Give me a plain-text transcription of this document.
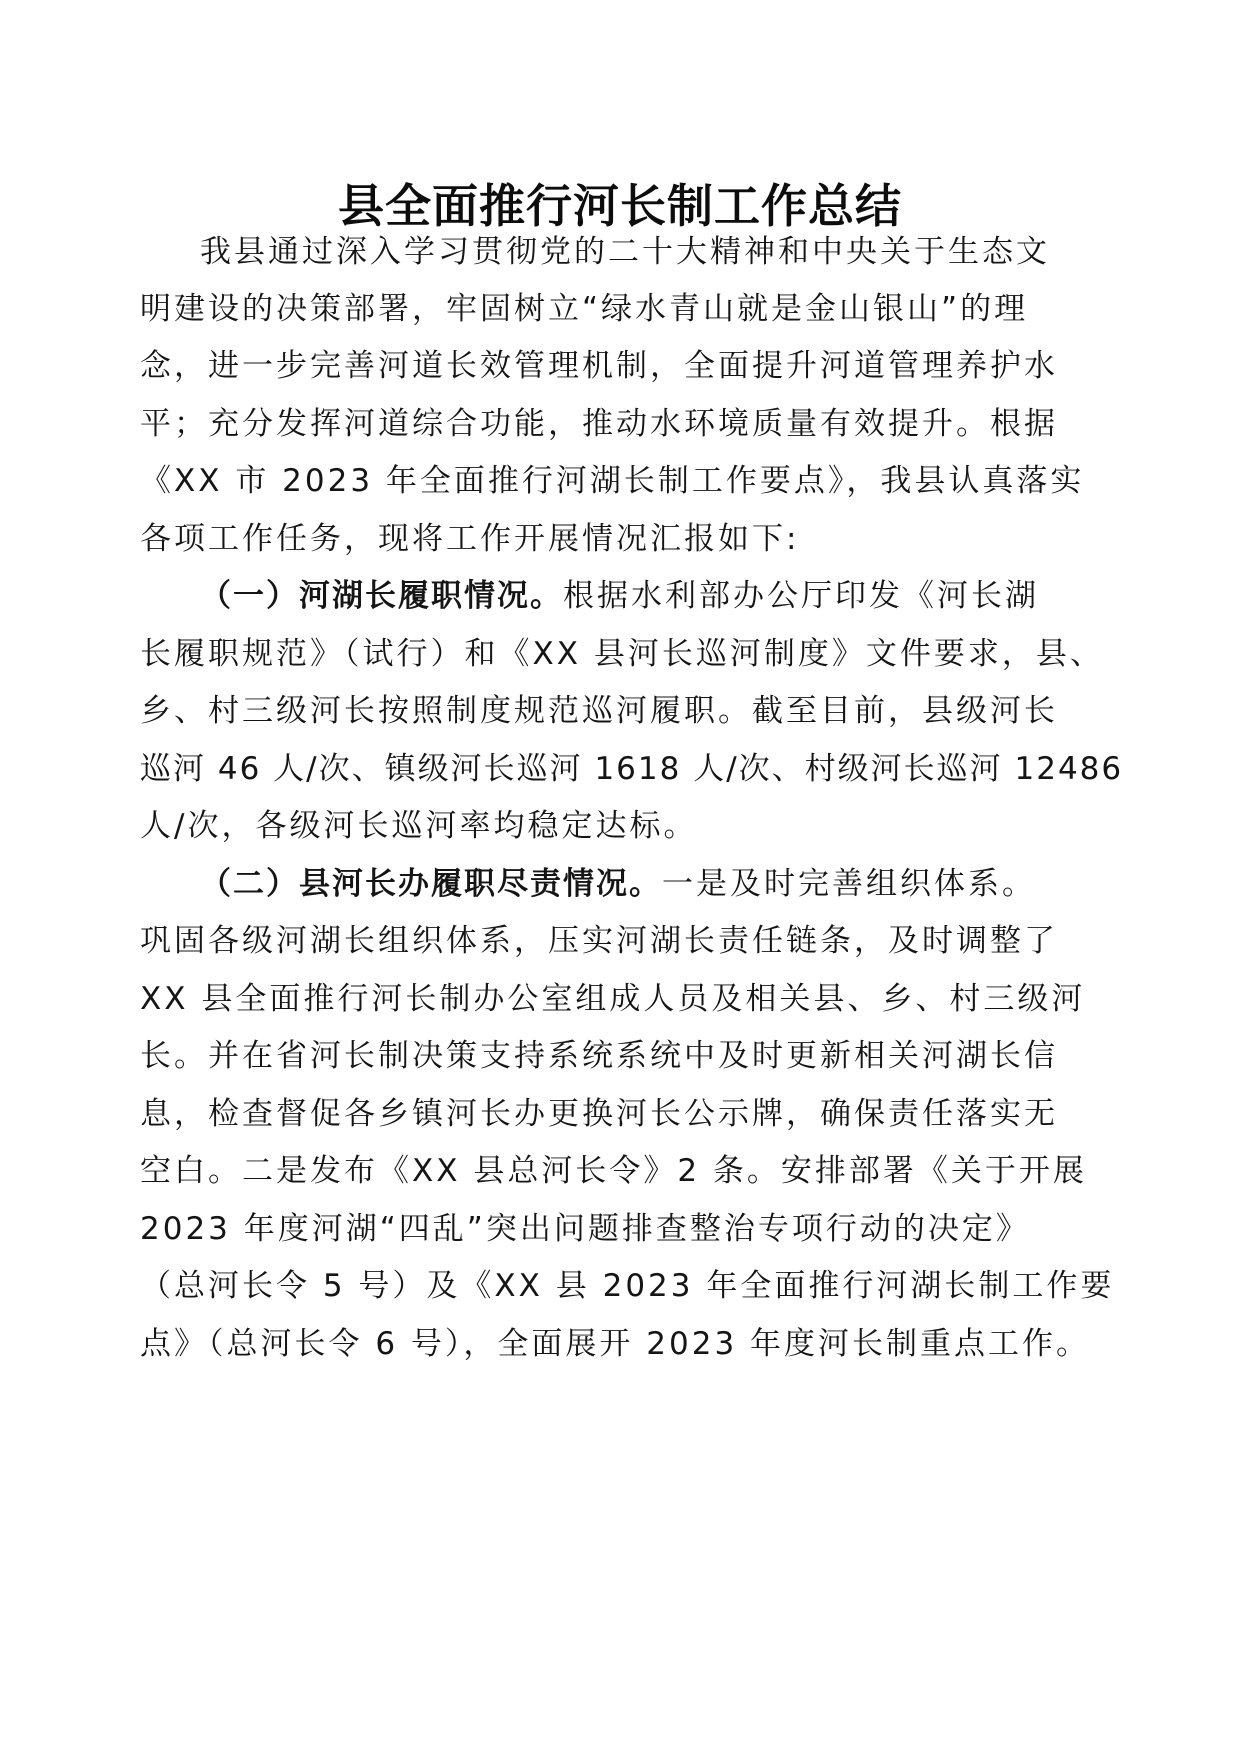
县全面推行河长制工作总结
我县通过深入学习贯彻党的二十大精神和中央关于生态文
明建设的决策部署，牢固树立“绿水青山就是金山银山”的理
念，进一步完善河道长效管理机制，全面提升河道管理养护水
平；充分发挥河道综合功能，推动水环境质量有效提升。根据
《XX 市 2023 年全面推行河湖长制工作要点》，我县认真落实
各项工作任务，现将工作开展情况汇报如下:
（一）河湖长履职情况。根据水利部办公厅印发《河长湖
长履职规范》（试行）和《XX 县河长巡河制度》文件要求，县、
乡、村三级河长按照制度规范巡河履职。截至目前，县级河长
巡河 46 人/次、镇级河长巡河 1618 人/次、村级河长巡河 12486
人/次，各级河长巡河率均稳定达标。
（二）县河长办履职尽责情况。一是及时完善组织体系。
巩固各级河湖长组织体系，压实河湖长责任链条，及时调整了
XX 县全面推行河长制办公室组成人员及相关县、乡、村三级河
长。并在省河长制决策支持系统系统中及时更新相关河湖长信
息，检查督促各乡镇河长办更换河长公示牌，确保责任落实无
空白。二是发布《XX 县总河长令》2 条。安排部署《关于开展
2023 年度河湖“四乱”突出问题排查整治专项行动的决定》
（总河长令 5 号）及《XX 县 2023 年全面推行河湖长制工作要
点》（总河长令 6 号），全面展开 2023 年度河长制重点工作。
